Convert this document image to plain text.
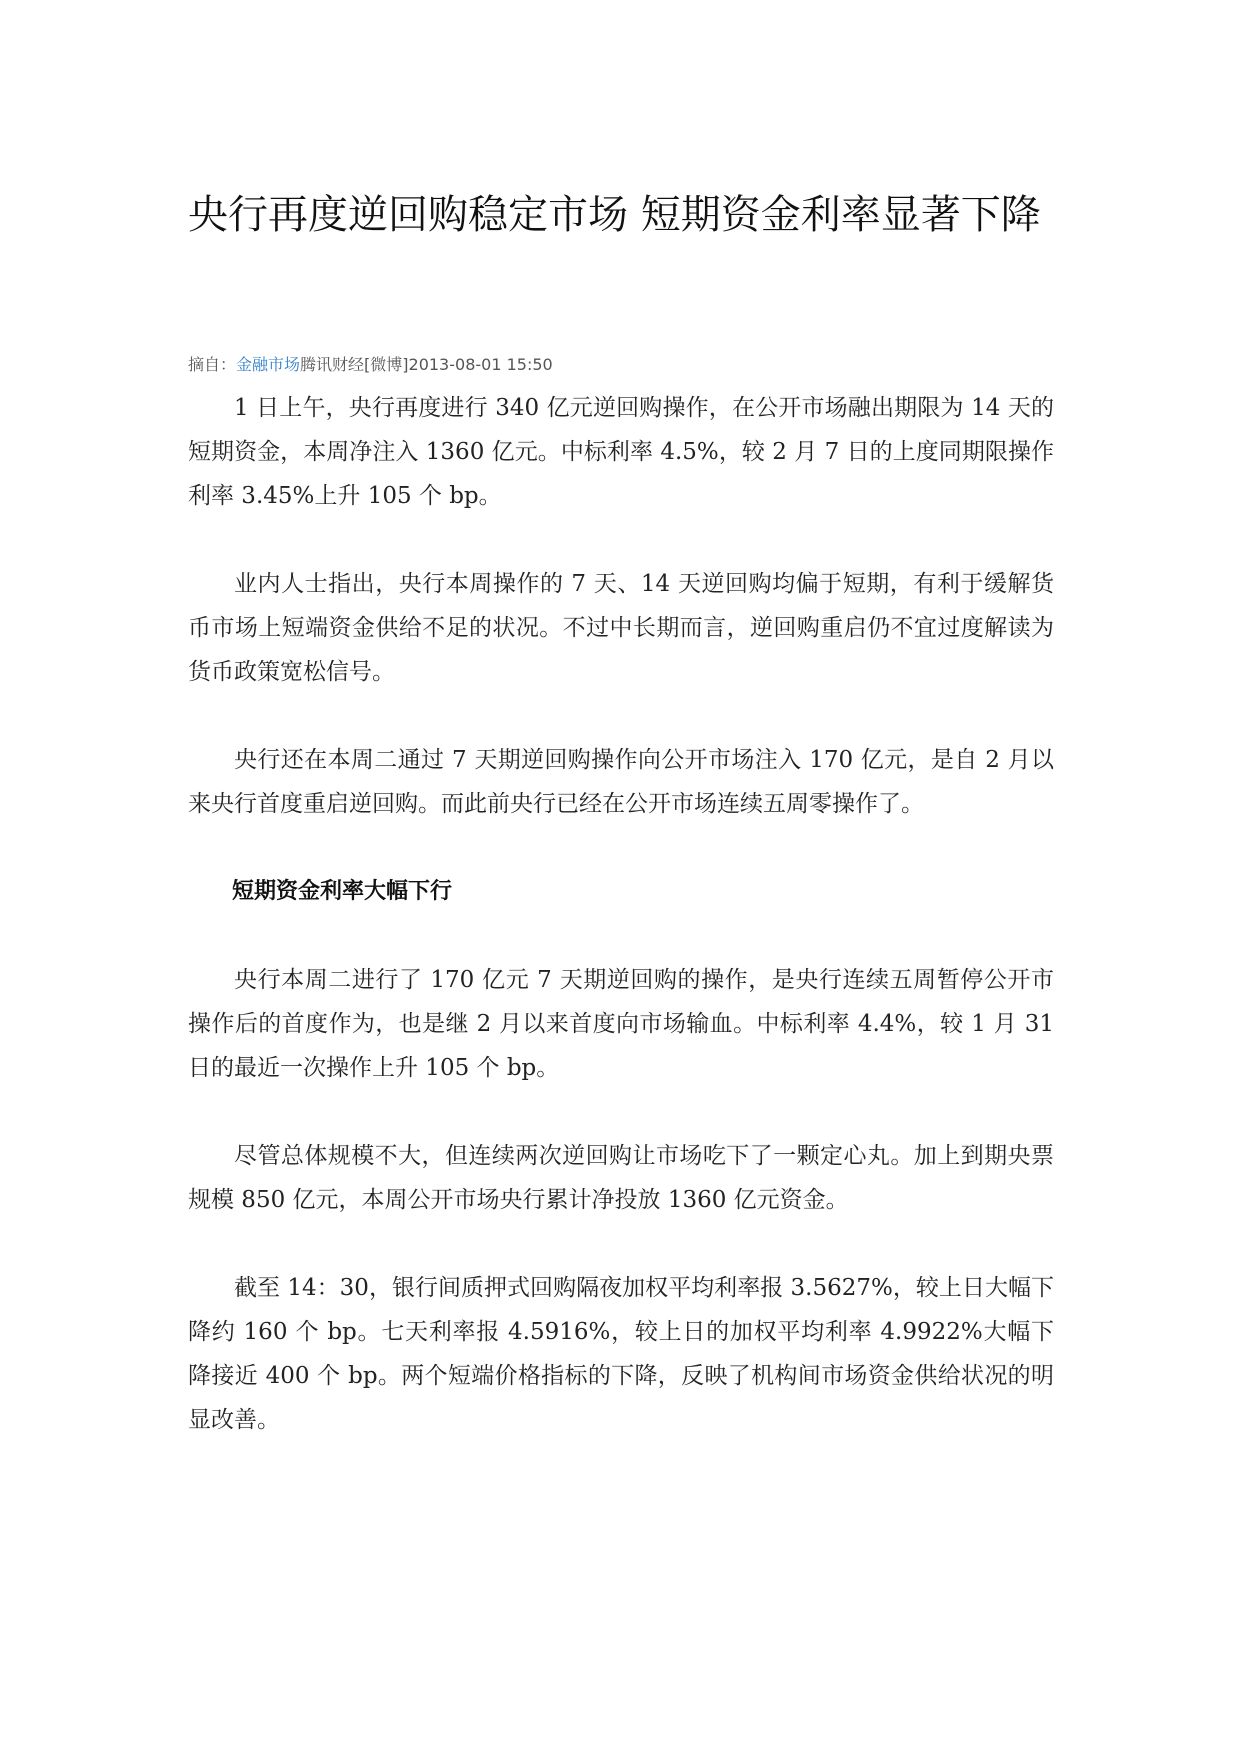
央行再度逆回购稳定市场 短期资金利率显著下降
摘自：金融市场腾讯财经[微博]2013-08-01 15:50

1 日上午，央行再度进行 340 亿元逆回购操作，在公开市场融出期限为 14 天的短期资金，本周净注入 1360 亿元。中标利率 4.5%，较 2 月 7 日的上度同期限操作利率 3.45%上升 105 个 bp。

业内人士指出，央行本周操作的 7 天、14 天逆回购均偏于短期，有利于缓解货币市场上短端资金供给不足的状况。不过中长期而言，逆回购重启仍不宜过度解读为货币政策宽松信号。

央行还在本周二通过 7 天期逆回购操作向公开市场注入 170 亿元，是自 2 月以来央行首度重启逆回购。而此前央行已经在公开市场连续五周零操作了。

短期资金利率大幅下行

央行本周二进行了 170 亿元 7 天期逆回购的操作，是央行连续五周暂停公开市操作后的首度作为，也是继 2 月以来首度向市场输血。中标利率 4.4%，较 1 月 31 日的最近一次操作上升 105 个 bp。

尽管总体规模不大，但连续两次逆回购让市场吃下了一颗定心丸。加上到期央票规模 850 亿元，本周公开市场央行累计净投放 1360 亿元资金。

截至 14：30，银行间质押式回购隔夜加权平均利率报 3.5627%，较上日大幅下降约 160 个 bp。七天利率报 4.5916%，较上日的加权平均利率 4.9922%大幅下降接近 400 个 bp。两个短端价格指标的下降，反映了机构间市场资金供给状况的明显改善。
